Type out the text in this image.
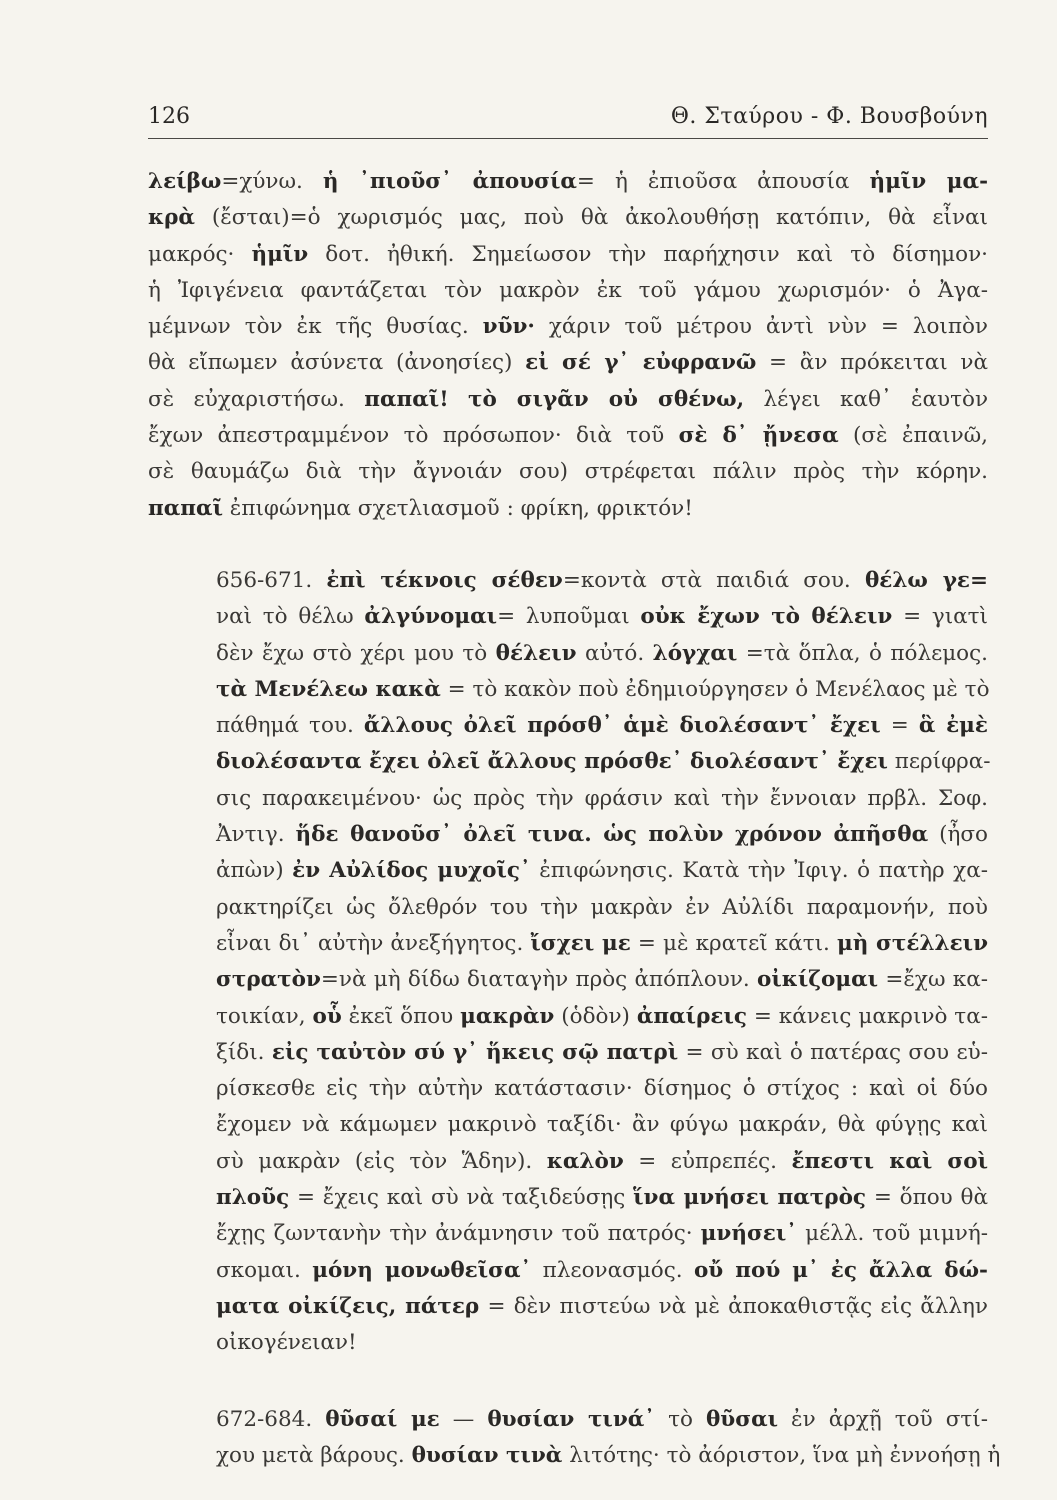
126	Θ. Σταύρου - Φ. Βουσβούνη
λείβω=χύνω. ἡ ᾽πιοῦσ᾽ ἀπουσία= ἡ ἐπιοῦσα ἀπουσία ἡμῖν μα-
κρὰ (ἔσται)=ὁ χωρισμός μας, ποὺ θὰ ἀκολουθήσῃ κατόπιν, θὰ εἶναι
μακρός· ἡμῖν δοτ. ἠθική. Σημείωσον τὴν παρήχησιν καὶ τὸ δίσημον·
ἡ Ἰφιγένεια φαντάζεται τὸν μακρὸν ἐκ τοῦ γάμου χωρισμόν· ὁ Ἀγα-
μέμνων τὸν ἐκ τῆς θυσίας. νῦν· χάριν τοῦ μέτρου ἀντὶ νὺν = λοιπὸν
θὰ εἴπωμεν ἀσύνετα (ἀνοησίες) εἰ σέ γ᾽ εὐφρανῶ = ἂν πρόκειται νὰ
σὲ εὐχαριστήσω. παπαῖ! τὸ σιγᾶν οὐ σθένω, λέγει καθ᾽ ἑαυτὸν
ἔχων ἀπεστραμμένον τὸ πρόσωπον· διὰ τοῦ σὲ δ᾽ ᾔνεσα (σὲ ἐπαινῶ,
σὲ θαυμάζω διὰ τὴν ἄγνοιάν σου) στρέφεται πάλιν πρὸς τὴν κόρην.
παπαῖ ἐπιφώνημα σχετλιασμοῦ : φρίκη, φρικτόν!
656-671. ἐπὶ τέκνοις σέθεν=κοντὰ στὰ παιδιά σου. θέλω γε=
ναὶ τὸ θέλω ἀλγύνομαι= λυποῦμαι οὐκ ἔχων τὸ θέλειν = γιατὶ
δὲν ἔχω στὸ χέρι μου τὸ θέλειν αὐτό. λόγχαι =τὰ ὅπλα, ὁ πόλεμος.
τὰ Μενέλεω κακὰ = τὸ κακὸν ποὺ ἐδημιούργησεν ὁ Μενέλαος μὲ τὸ
πάθημά του. ἄλλους ὀλεῖ πρόσθ᾽ ἁμὲ διολέσαντ᾽ ἔχει = ἃ ἐμὲ
διολέσαντα ἔχει ὀλεῖ ἄλλους πρόσθε᾽ διολέσαντ᾽ ἔχει περίφρα-
σις παρακειμένου· ὡς πρὸς τὴν φράσιν καὶ τὴν ἔννοιαν πρβλ. Σοφ.
Ἀντιγ. ἥδε θανοῦσ᾽ ὀλεῖ τινα. ὡς πολὺν χρόνον ἀπῆσθα (ἦσο
ἀπὼν) ἐν Αὐλίδος μυχοῖς᾽ ἐπιφώνησις. Κατὰ τὴν Ἰφιγ. ὁ πατὴρ χα-
ρακτηρίζει ὡς ὄλεθρόν του τὴν μακρὰν ἐν Αὐλίδι παραμονήν, ποὺ
εἶναι δι᾽ αὐτὴν ἀνεξήγητος. ἴσχει με = μὲ κρατεῖ κάτι. μὴ στέλλειν
στρατὸν=νὰ μὴ δίδω διαταγὴν πρὸς ἀπόπλουν. οἰκίζομαι =ἔχω κα-
τοικίαν, οὗ ἐκεῖ ὅπου μακρὰν (ὁδὸν) ἀπαίρεις = κάνεις μακρινὸ τα-
ξίδι. εἰς ταὐτὸν σύ γ᾽ ἥκεις σῷ πατρὶ = σὺ καὶ ὁ πατέρας σου εὑ-
ρίσκεσθε εἰς τὴν αὐτὴν κατάστασιν· δίσημος ὁ στίχος : καὶ οἱ δύο
ἔχομεν νὰ κάμωμεν μακρινὸ ταξίδι· ἂν φύγω μακράν, θὰ φύγῃς καὶ
σὺ μακρὰν (εἰς τὸν Ἅδην). καλὸν = εὐπρεπές. ἔπεστι καὶ σοὶ
πλοῦς = ἔχεις καὶ σὺ νὰ ταξιδεύσῃς ἵνα μνήσει πατρὸς = ὅπου θὰ
ἔχῃς ζωντανὴν τὴν ἀνάμνησιν τοῦ πατρός· μνήσει᾽ μέλλ. τοῦ μιμνή-
σκομαι. μόνη μονωθεῖσα᾽ πλεονασμός. οὔ πού μ᾽ ἐς ἄλλα δώ-
ματα οἰκίζεις, πάτερ = δὲν πιστεύω νὰ μὲ ἀποκαθιστᾷς εἰς ἄλλην
οἰκογένειαν!
672-684. θῦσαί με — θυσίαν τινά᾽ τὸ θῦσαι ἐν ἀρχῇ τοῦ στί-
χου μετὰ βάρους. θυσίαν τινὰ λιτότης· τὸ ἀόριστον, ἵνα μὴ ἐννοήσῃ ἡ
